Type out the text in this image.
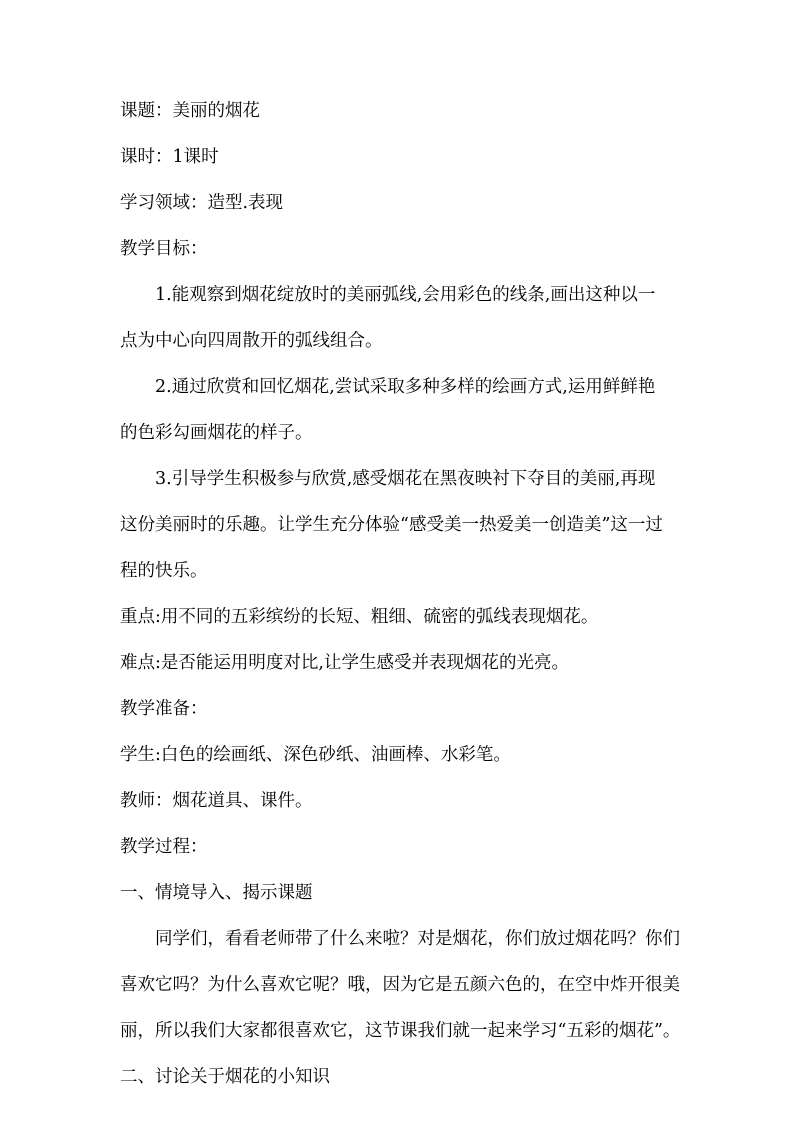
课题：美丽的烟花
课时：1课时
学习领域：造型.表现
教学目标：
1.能观察到烟花绽放时的美丽弧线,会用彩色的线条,画出这种以一
点为中心向四周散开的弧线组合。
2.通过欣赏和回忆烟花,尝试采取多种多样的绘画方式,运用鲜鲜艳
的色彩勾画烟花的样子。
3.引导学生积极参与欣赏,感受烟花在黑夜映衬下夺目的美丽,再现
这份美丽时的乐趣。让学生充分体验“感受美一热爱美一创造美”这一过
程的快乐。
重点:用不同的五彩缤纷的长短、粗细、硫密的弧线表现烟花。
难点:是否能运用明度对比,让学生感受并表现烟花的光亮。
教学准备：
学生:白色的绘画纸、深色砂纸、油画棒、水彩笔。
教师：烟花道具、课件。
教学过程：
一、情境导入、揭示课题
同学们，看看老师带了什么来啦？对是烟花，你们放过烟花吗？你们
喜欢它吗？为什么喜欢它呢？哦，因为它是五颜六色的，在空中炸开很美
丽，所以我们大家都很喜欢它，这节课我们就一起来学习“五彩的烟花”。
二、讨论关于烟花的小知识
